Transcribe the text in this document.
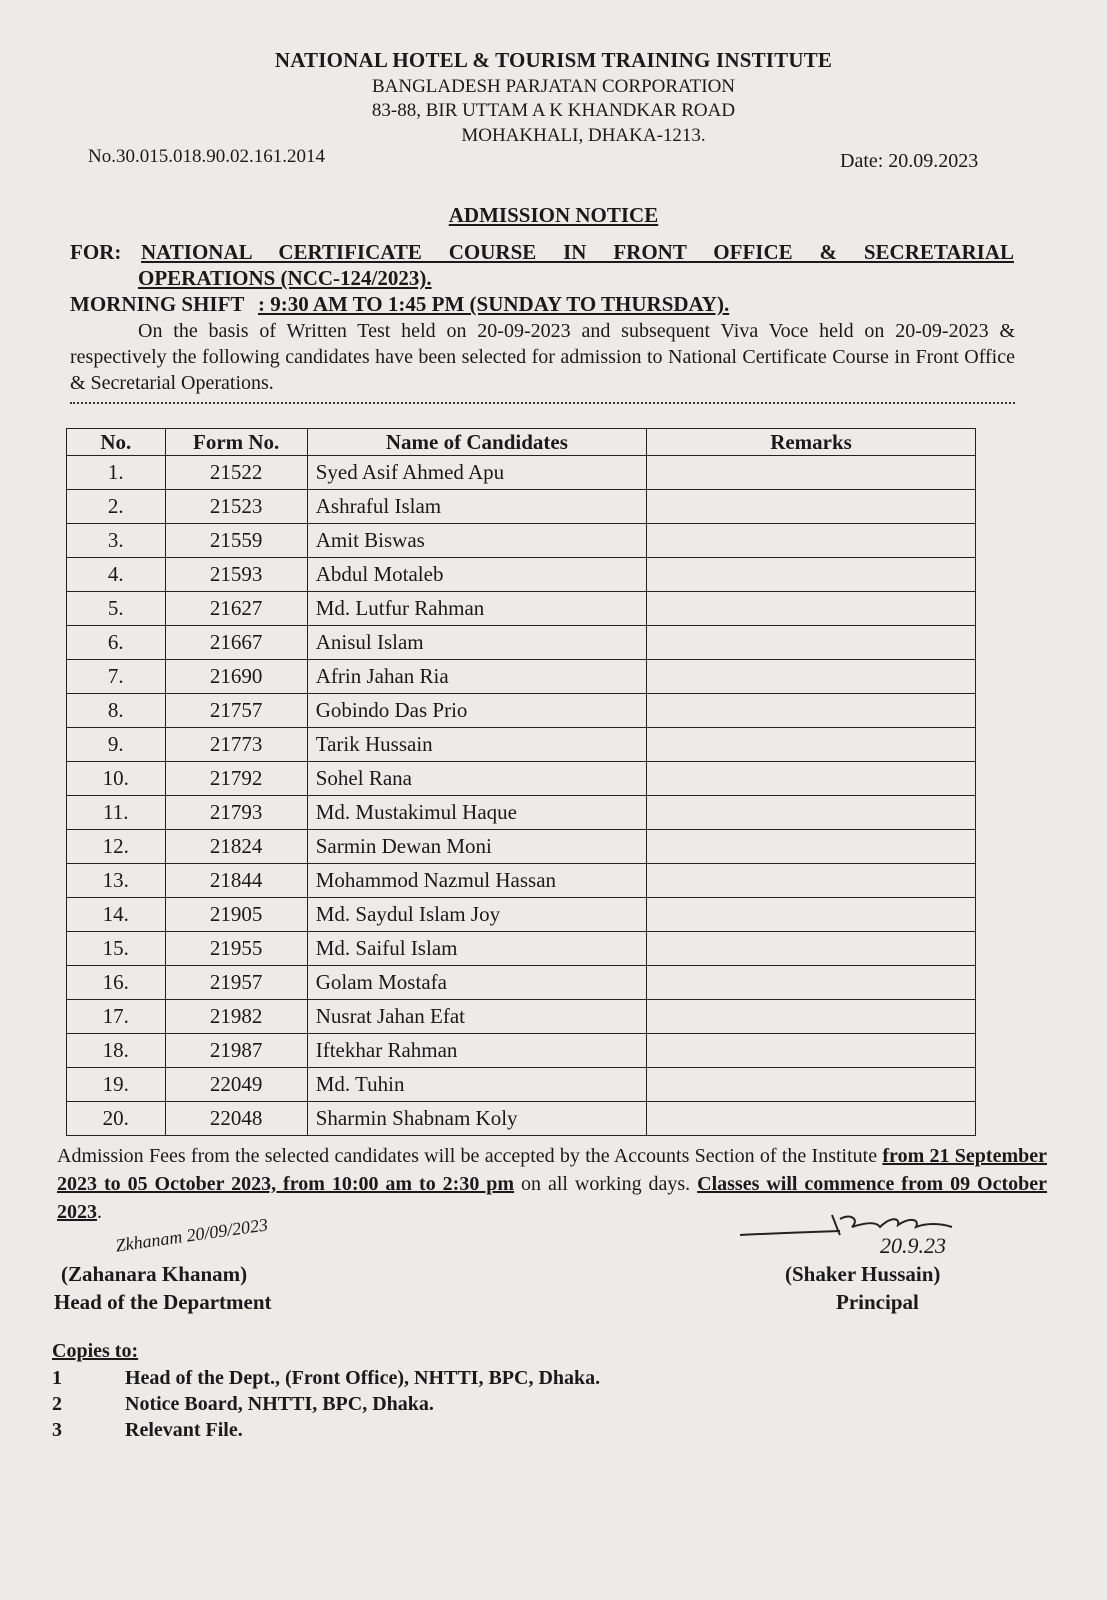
NATIONAL HOTEL & TOURISM TRAINING INSTITUTE
BANGLADESH PARJATAN CORPORATION
83-88, BIR UTTAM A K KHANDKAR ROAD
MOHAKHALI, DHAKA-1213.
No.30.015.018.90.02.161.2014	Date: 20.09.2023
ADMISSION NOTICE
FOR: NATIONAL CERTIFICATE COURSE IN FRONT OFFICE & SECRETARIAL
OPERATIONS (NCC-124/2023).
MORNING SHIFT : 9:30 AM TO 1:45 PM (SUNDAY TO THURSDAY).
On the basis of Written Test held on 20-09-2023 and subsequent Viva Voce held on 20-09-2023 & respectively the following candidates have been selected for admission to National Certificate Course in Front Office & Secretarial Operations.
No.	Form No.	Name of Candidates	Remarks
1.	21522	Syed Asif Ahmed Apu	
2.	21523	Ashraful Islam	
3.	21559	Amit Biswas	
4.	21593	Abdul Motaleb	
5.	21627	Md. Lutfur Rahman	
6.	21667	Anisul Islam	
7.	21690	Afrin Jahan Ria	
8.	21757	Gobindo Das Prio	
9.	21773	Tarik Hussain	
10.	21792	Sohel Rana	
11.	21793	Md. Mustakimul Haque	
12.	21824	Sarmin Dewan Moni	
13.	21844	Mohammod Nazmul Hassan	
14.	21905	Md. Saydul Islam Joy	
15.	21955	Md. Saiful Islam	
16.	21957	Golam Mostafa	
17.	21982	Nusrat Jahan Efat	
18.	21987	Iftekhar Rahman	
19.	22049	Md. Tuhin	
20.	22048	Sharmin Shabnam Koly	
Admission Fees from the selected candidates will be accepted by the Accounts Section of the Institute from 21 September 2023 to 05 October 2023, from 10:00 am to 2:30 pm on all working days. Classes will commence from 09 October 2023.
Zkhanam 20/09/2023
(Zahanara Khanam)
Head of the Department
20.9.23
(Shaker Hussain)
Principal
Copies to:
1	Head of the Dept., (Front Office), NHTTI, BPC, Dhaka.
2	Notice Board, NHTTI, BPC, Dhaka.
3	Relevant File.
